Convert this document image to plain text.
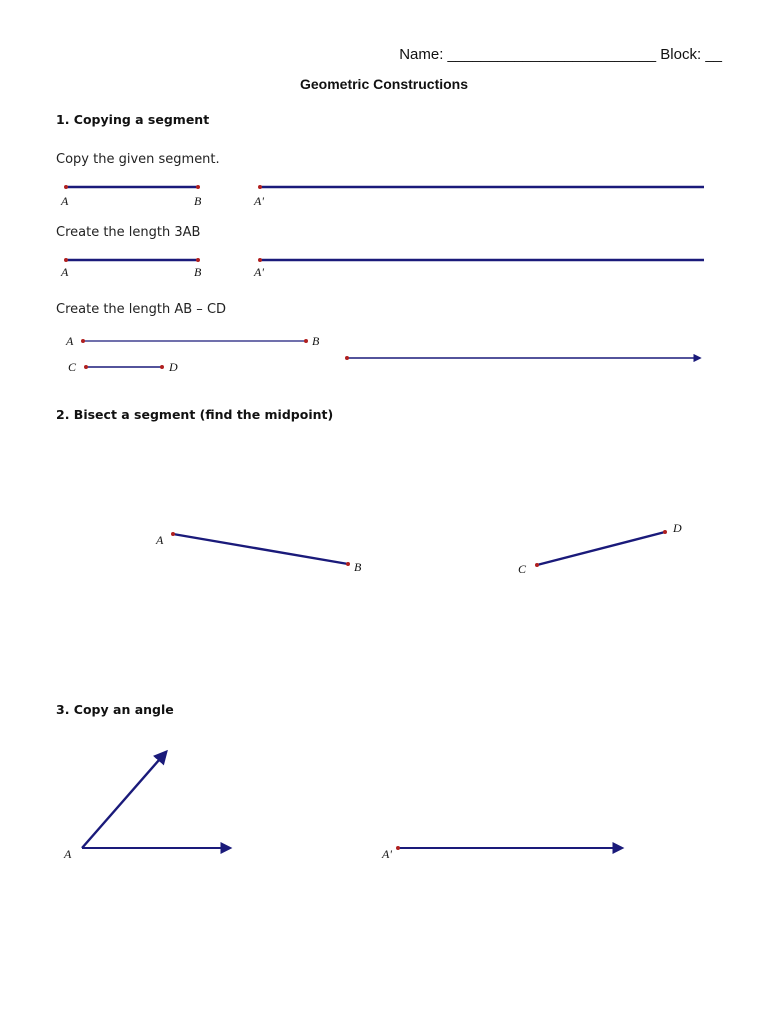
Name: _________________________ Block: __
Geometric Constructions
1. Copying a segment
Copy the given segment.
Create the length 3AB
Create the length AB – CD
2. Bisect a segment (find the midpoint)
3. Copy an angle
A	B	A'
A	B	A'
A	B
C	D
A
B	C
D
A	A'
